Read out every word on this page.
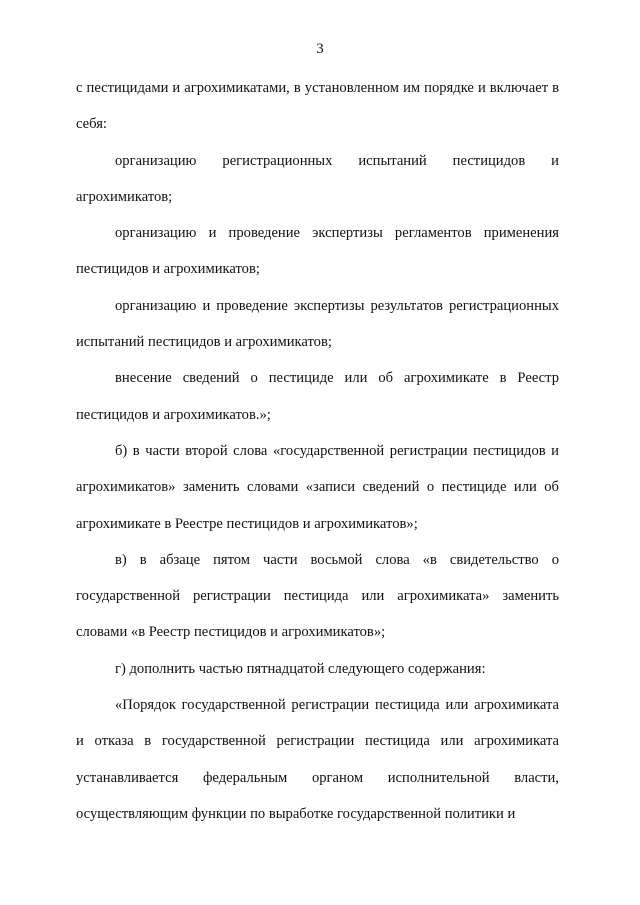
3

с пестицидами и агрохимикатами, в установленном им порядке и включает в себя:

организацию регистрационных испытаний пестицидов и агрохимикатов;

организацию и проведение экспертизы регламентов применения пестицидов и агрохимикатов;

организацию и проведение экспертизы результатов регистрационных испытаний пестицидов и агрохимикатов;

внесение сведений о пестициде или об агрохимикате в Реестр пестицидов и агрохимикатов.»;

б) в части второй слова «государственной регистрации пестицидов и агрохимикатов» заменить словами «записи сведений о пестициде или об агрохимикате в Реестре пестицидов и агрохимикатов»;

в) в абзаце пятом части восьмой слова «в свидетельство о государственной регистрации пестицида или агрохимиката» заменить словами «в Реестр пестицидов и агрохимикатов»;

г) дополнить частью пятнадцатой следующего содержания:

«Порядок государственной регистрации пестицида или агрохимиката и отказа в государственной регистрации пестицида или агрохимиката устанавливается федеральным органом исполнительной власти, осуществляющим функции по выработке государственной политики и
